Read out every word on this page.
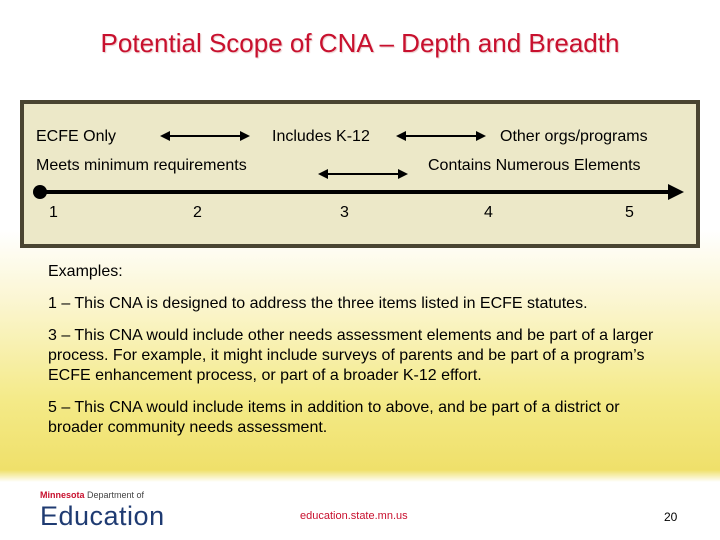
Potential Scope of CNA – Depth and Breadth
ECFE Only	Includes K-12	Other orgs/programs
Meets minimum requirements	Contains Numerous Elements
1	2	3	4	5

Examples:

1 – This CNA is designed to address the three items listed in ECFE statutes.

3 – This CNA would include other needs assessment elements and be part of a larger process. For example, it might include surveys of parents and be part of a program’s ECFE enhancement process, or part of a broader K-12 effort.

5 – This CNA would include items in addition to above, and be part of a district or broader community needs assessment.

Minnesota Department of
Education	education.state.mn.us	20
